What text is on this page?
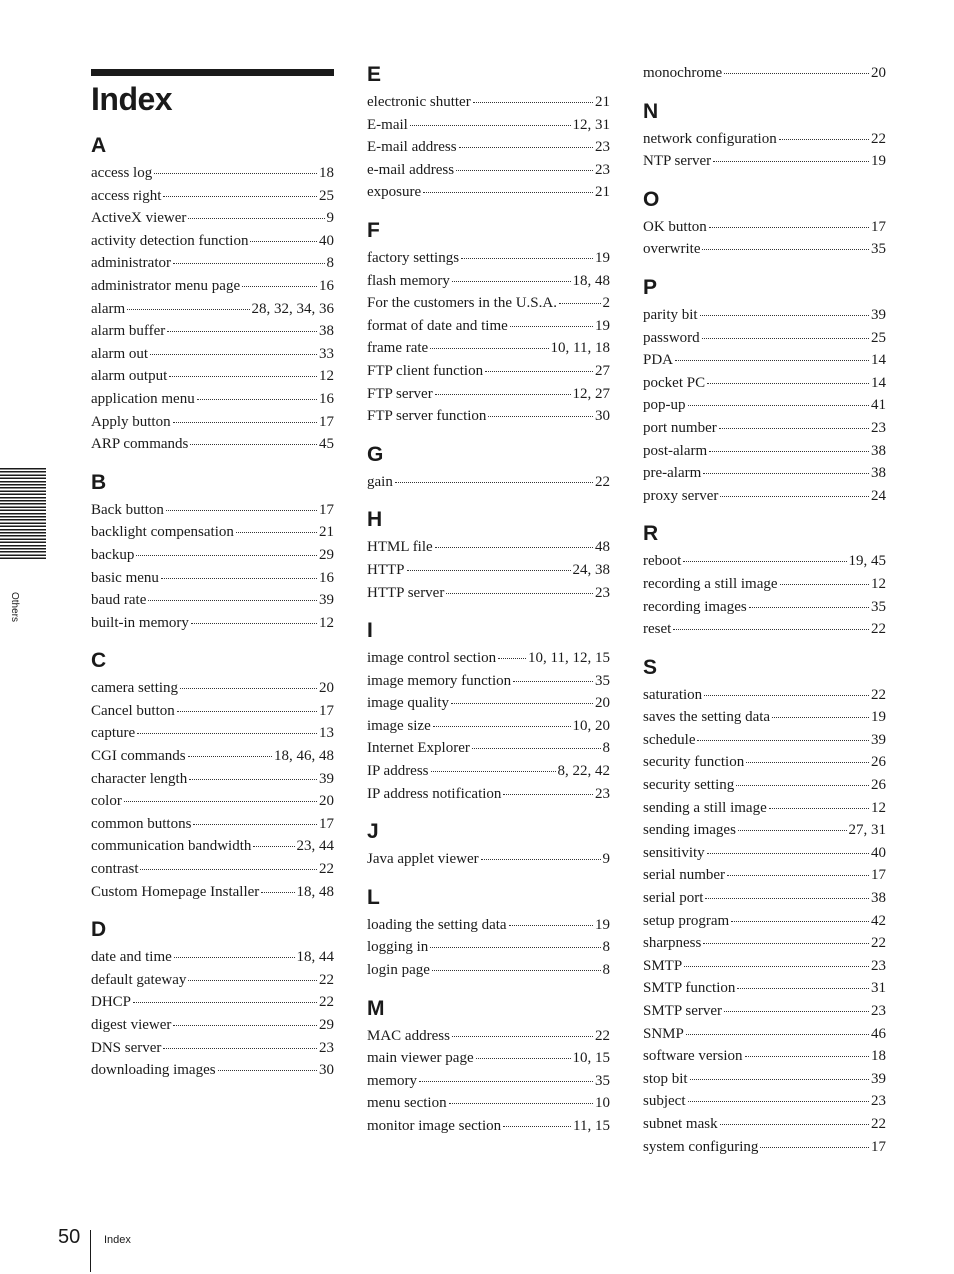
Others
Index
A
access log	18
access right	25
ActiveX viewer	9
activity detection function	40
administrator	8
administrator menu page	16
alarm	28, 32, 34, 36
alarm buffer	38
alarm out	33
alarm output	12
application menu	16
Apply button	17
ARP commands	45
B
Back button	17
backlight compensation	21
backup	29
basic menu	16
baud rate	39
built-in memory	12
C
camera setting	20
Cancel button	17
capture	13
CGI commands	18, 46, 48
character length	39
color	20
common buttons	17
communication bandwidth	23, 44
contrast	22
Custom Homepage Installer 18, 48
D
date and time	18, 44
default gateway	22
DHCP	22
digest viewer	29
DNS server	23
downloading images	30
E
electronic shutter	21
E-mail	12, 31
E-mail address	23
e-mail address	23
exposure	21
F
factory settings	19
flash memory	18, 48
For the customers in the U.S.A.	2
format of date and time	19
frame rate	10, 11, 18
FTP client function	27
FTP server	12, 27
FTP server function	30
G
gain	22
H
HTML file	48
HTTP	24, 38
HTTP server	23
I
image control section 10, 11, 12, 15
image memory function	35
image quality	20
image size	10, 20
Internet Explorer	8
IP address	8, 22, 42
IP address notification	23
J
Java applet viewer	9
L
loading the setting data	19
logging in	8
login page	8
M
MAC address	22
main viewer page	10, 15
memory	35
menu section	10
monitor image section	11, 15
monochrome	20
N
network configuration	22
NTP server	19
O
OK button	17
overwrite	35
P
parity bit	39
password	25
PDA	14
pocket PC	14
pop-up	41
port number	23
post-alarm	38
pre-alarm	38
proxy server	24
R
reboot	19, 45
recording a still image	12
recording images	35
reset	22
S
saturation	22
saves the setting data	19
schedule	39
security function	26
security setting	26
sending a still image	12
sending images	27, 31
sensitivity	40
serial number	17
serial port	38
setup program	42
sharpness	22
SMTP	23
SMTP function	31
SMTP server	23
SNMP	46
software version	18
stop bit	39
subject	23
subnet mask	22
system configuring	17
50 Index
